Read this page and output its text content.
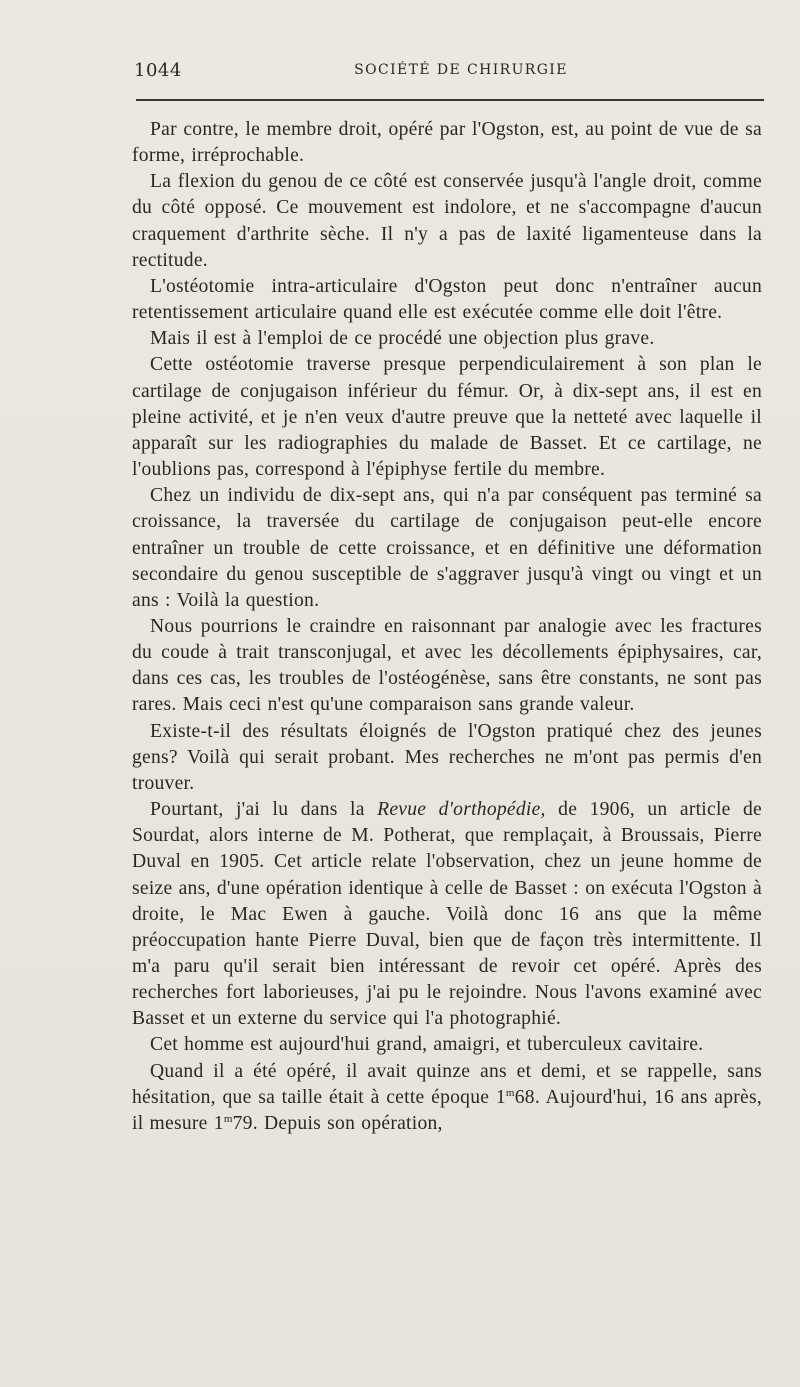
1044	SOCIÉTÉ DE CHIRURGIE

Par contre, le membre droit, opéré par l'Ogston, est, au point de vue de sa forme, irréprochable.

La flexion du genou de ce côté est conservée jusqu'à l'angle droit, comme du côté opposé. Ce mouvement est indolore, et ne s'accompagne d'aucun craquement d'arthrite sèche. Il n'y a pas de laxité ligamenteuse dans la rectitude.

L'ostéotomie intra-articulaire d'Ogston peut donc n'entraîner aucun retentissement articulaire quand elle est exécutée comme elle doit l'être.

Mais il est à l'emploi de ce procédé une objection plus grave.

Cette ostéotomie traverse presque perpendiculairement à son plan le cartilage de conjugaison inférieur du fémur. Or, à dix-sept ans, il est en pleine activité, et je n'en veux d'autre preuve que la netteté avec laquelle il apparaît sur les radiographies du malade de Basset. Et ce cartilage, ne l'oublions pas, correspond à l'épiphyse fertile du membre.

Chez un individu de dix-sept ans, qui n'a par conséquent pas terminé sa croissance, la traversée du cartilage de conjugaison peut-elle encore entraîner un trouble de cette croissance, et en définitive une déformation secondaire du genou susceptible de s'aggraver jusqu'à vingt ou vingt et un ans : Voilà la question.

Nous pourrions le craindre en raisonnant par analogie avec les fractures du coude à trait transconjugal, et avec les décollements épiphysaires, car, dans ces cas, les troubles de l'ostéogénèse, sans être constants, ne sont pas rares. Mais ceci n'est qu'une comparaison sans grande valeur.

Existe-t-il des résultats éloignés de l'Ogston pratiqué chez des jeunes gens? Voilà qui serait probant. Mes recherches ne m'ont pas permis d'en trouver.

Pourtant, j'ai lu dans la Revue d'orthopédie, de 1906, un article de Sourdat, alors interne de M. Potherat, que remplaçait, à Broussais, Pierre Duval en 1905. Cet article relate l'observation, chez un jeune homme de seize ans, d'une opération identique à celle de Basset : on exécuta l'Ogston à droite, le Mac Ewen à gauche. Voilà donc 16 ans que la même préoccupation hante Pierre Duval, bien que de façon très intermittente. Il m'a paru qu'il serait bien intéressant de revoir cet opéré. Après des recherches fort laborieuses, j'ai pu le rejoindre. Nous l'avons examiné avec Basset et un externe du service qui l'a photographié.

Cet homme est aujourd'hui grand, amaigri, et tuberculeux cavitaire.

Quand il a été opéré, il avait quinze ans et demi, et se rappelle, sans hésitation, que sa taille était à cette époque 1$^m$68. Aujourd'hui, 16 ans après, il mesure 1$^m$79. Depuis son opération,
